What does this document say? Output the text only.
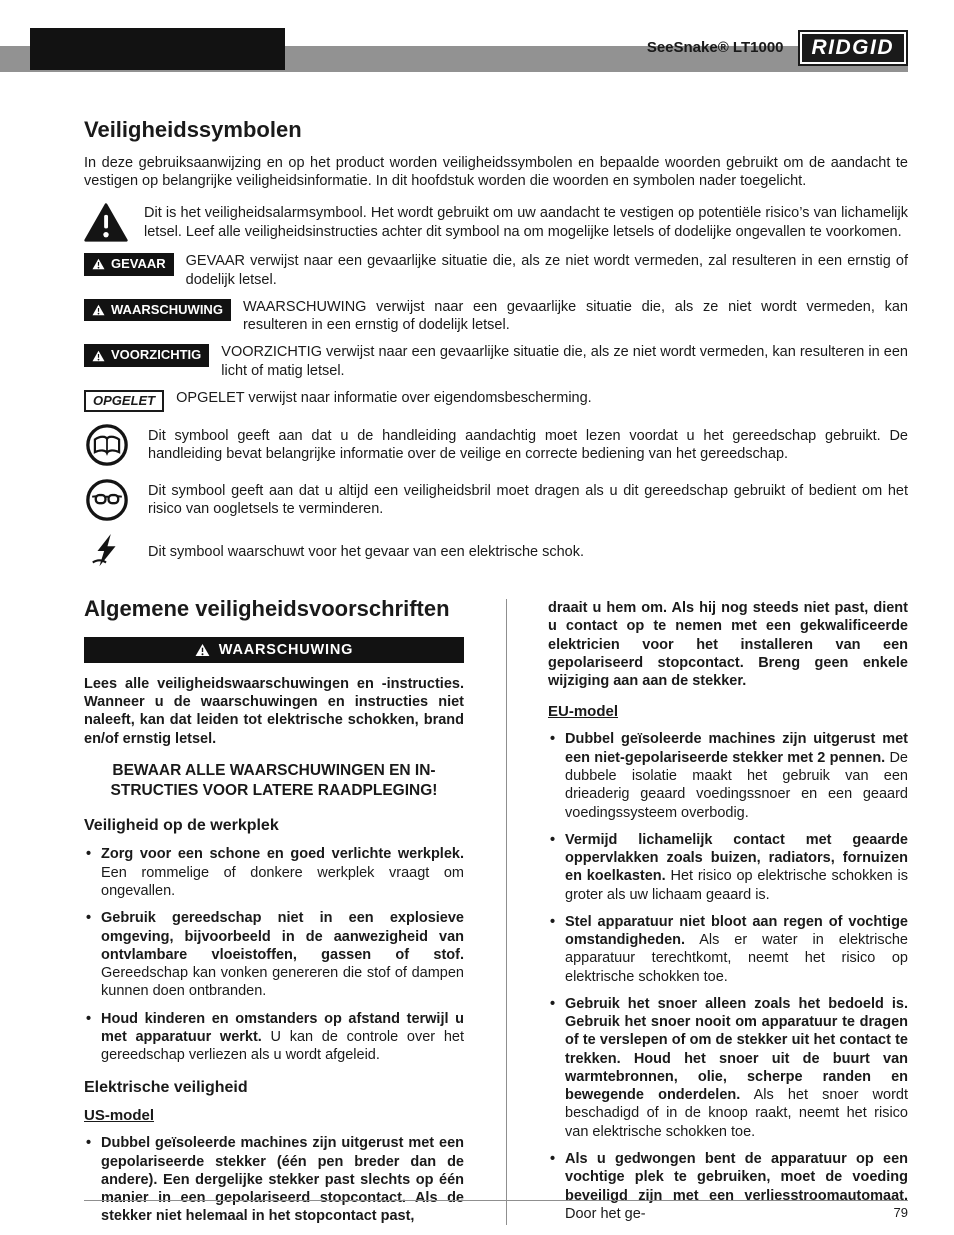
SeeSnake® LT1000	RIDGID
Veiligheidssymbolen

In deze gebruiksaanwijzing en op het product worden veiligheidssymbolen en bepaalde woorden gebruikt om de aandacht te vestigen op belangrijke veiligheidsinformatie. In dit hoofdstuk worden die woorden en symbolen nader toegelicht.

Dit is het veiligheidsalarmsymbool. Het wordt gebruikt om uw aandacht te vestigen op potentiële risico’s van lichamelijk letsel. Leef alle veiligheidsinstructies achter dit symbool na om mogelijke letsels of dodelijke ongevallen te voorkomen.

GEVAAR GEVAAR verwijst naar een gevaarlijke situatie die, als ze niet wordt vermeden, zal resulteren in een ernstig of dodelijk letsel.

WAARSCHUWING WAARSCHUWING verwijst naar een gevaarlijke situatie die, als ze niet wordt vermeden, kan resulteren in een ernstig of dodelijk letsel.

VOORZICHTIG VOORZICHTIG verwijst naar een gevaarlijke situatie die, als ze niet wordt vermeden, kan resulteren in een licht of matig letsel.

OPGELET OPGELET verwijst naar informatie over eigendomsbescherming.

Dit symbool geeft aan dat u de handleiding aandachtig moet lezen voordat u het gereedschap gebruikt. De handleiding bevat belangrijke informatie over de veilige en correcte bediening van het gereedschap.

Dit symbool geeft aan dat u altijd een veiligheidsbril moet dragen als u dit gereedschap gebruikt of bedient om het risico van oogletsels te verminderen.

Dit symbool waarschuwt voor het gevaar van een elektrische schok.

Algemene veiligheidsvoorschriften
WAARSCHUWING

Lees alle veiligheidswaarschuwingen en -instructies. Wanneer u de waarschuwingen en instructies niet naleeft, kan dat leiden tot elektrische schokken, brand en/of ernstig letsel.

BEWAAR ALLE WAARSCHUWINGEN EN IN-STRUCTIES VOOR LATERE RAADPLEGING!

Veiligheid op de werkplek
• Zorg voor een schone en goed verlichte werkplek. Een rommelige of donkere werkplek vraagt om ongevallen.
• Gebruik gereedschap niet in een explosieve omgeving, bijvoorbeeld in de aanwezigheid van ontvlambare vloeistoffen, gassen of stof. Gereedschap kan vonken genereren die stof of dampen kunnen doen ontbranden.
• Houd kinderen en omstanders op afstand terwijl u met apparatuur werkt. U kan de controle over het gereedschap verliezen als u wordt afgeleid.
Elektrische veiligheid

US-model

• Dubbel geïsoleerde machines zijn uitgerust met een gepolariseerde stekker (één pen breder dan de andere). Een dergelijke stekker past slechts op één manier in een gepolariseerd stopcontact. Als de stekker niet helemaal in het stopcontact past,

draait u hem om. Als hij nog steeds niet past, dient u contact op te nemen met een gekwalificeerde elektricien voor het installeren van een gepolariseerd stopcontact. Breng geen enkele wijziging aan aan de stekker.

EU-model

• Dubbel geïsoleerde machines zijn uitgerust met een niet-gepolariseerde stekker met 2 pennen. De dubbele isolatie maakt het gebruik van een drieaderig geaard voedingssnoer en een geaard voedingssysteem overbodig.
• Vermijd lichamelijk contact met geaarde oppervlakken zoals buizen, radiators, fornuizen en koelkasten. Het risico op elektrische schokken is groter als uw lichaam geaard is.
• Stel apparatuur niet bloot aan regen of vochtige omstandigheden. Als er water in elektrische apparatuur terechtkomt, neemt het risico op elektrische schokken toe.
• Gebruik het snoer alleen zoals het bedoeld is. Gebruik het snoer nooit om apparatuur te dragen of te verslepen of om de stekker uit het contact te trekken. Houd het snoer uit de buurt van warmtebronnen, olie, scherpe randen en bewegende onderdelen. Als het snoer wordt beschadigd of in de knoop raakt, neemt het risico van elektrische schokken toe.
• Als u gedwongen bent de apparatuur op een vochtige plek te gebruiken, moet de voeding beveiligd zijn met een verliesstroomautomaat. Door het ge-	79
